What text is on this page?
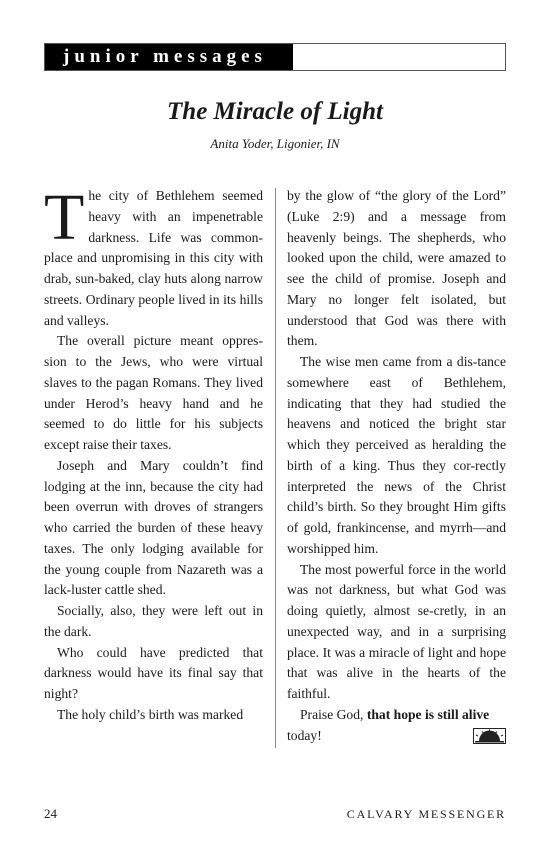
junior messages
The Miracle of Light
Anita Yoder, Ligonier, IN

The city of Bethlehem seemed heavy with an impenetrable darkness. Life was common-place and unpromising in this city with drab, sun-baked, clay huts along narrow streets. Ordinary people lived in its hills and valleys.

The overall picture meant oppres-sion to the Jews, who were virtual slaves to the pagan Romans. They lived under Herod’s heavy hand and he seemed to do little for his subjects except raise their taxes.

Joseph and Mary couldn’t find lodging at the inn, because the city had been overrun with droves of strangers who carried the burden of these heavy taxes. The only lodging available for the young couple from Nazareth was a lack-luster cattle shed.

Socially, also, they were left out in the dark.

Who could have predicted that darkness would have its final say that night?

The holy child’s birth was marked

by the glow of “the glory of the Lord” (Luke 2:9) and a message from heavenly beings. The shepherds, who looked upon the child, were amazed to see the child of promise. Joseph and Mary no longer felt isolated, but understood that God was there with them.

The wise men came from a dis-tance somewhere east of Bethlehem, indicating that they had studied the heavens and noticed the bright star which they perceived as heralding the birth of a king. Thus they cor-rectly interpreted the news of the Christ child’s birth. So they brought Him gifts of gold, frankincense, and myrrh—and worshipped him.

The most powerful force in the world was not darkness, but what God was doing quietly, almost se-cretly, in an unexpected way, and in a surprising place. It was a miracle of light and hope that was alive in the hearts of the faithful.

Praise God, that hope is still alive
today!

24	CALVARY MESSENGER
